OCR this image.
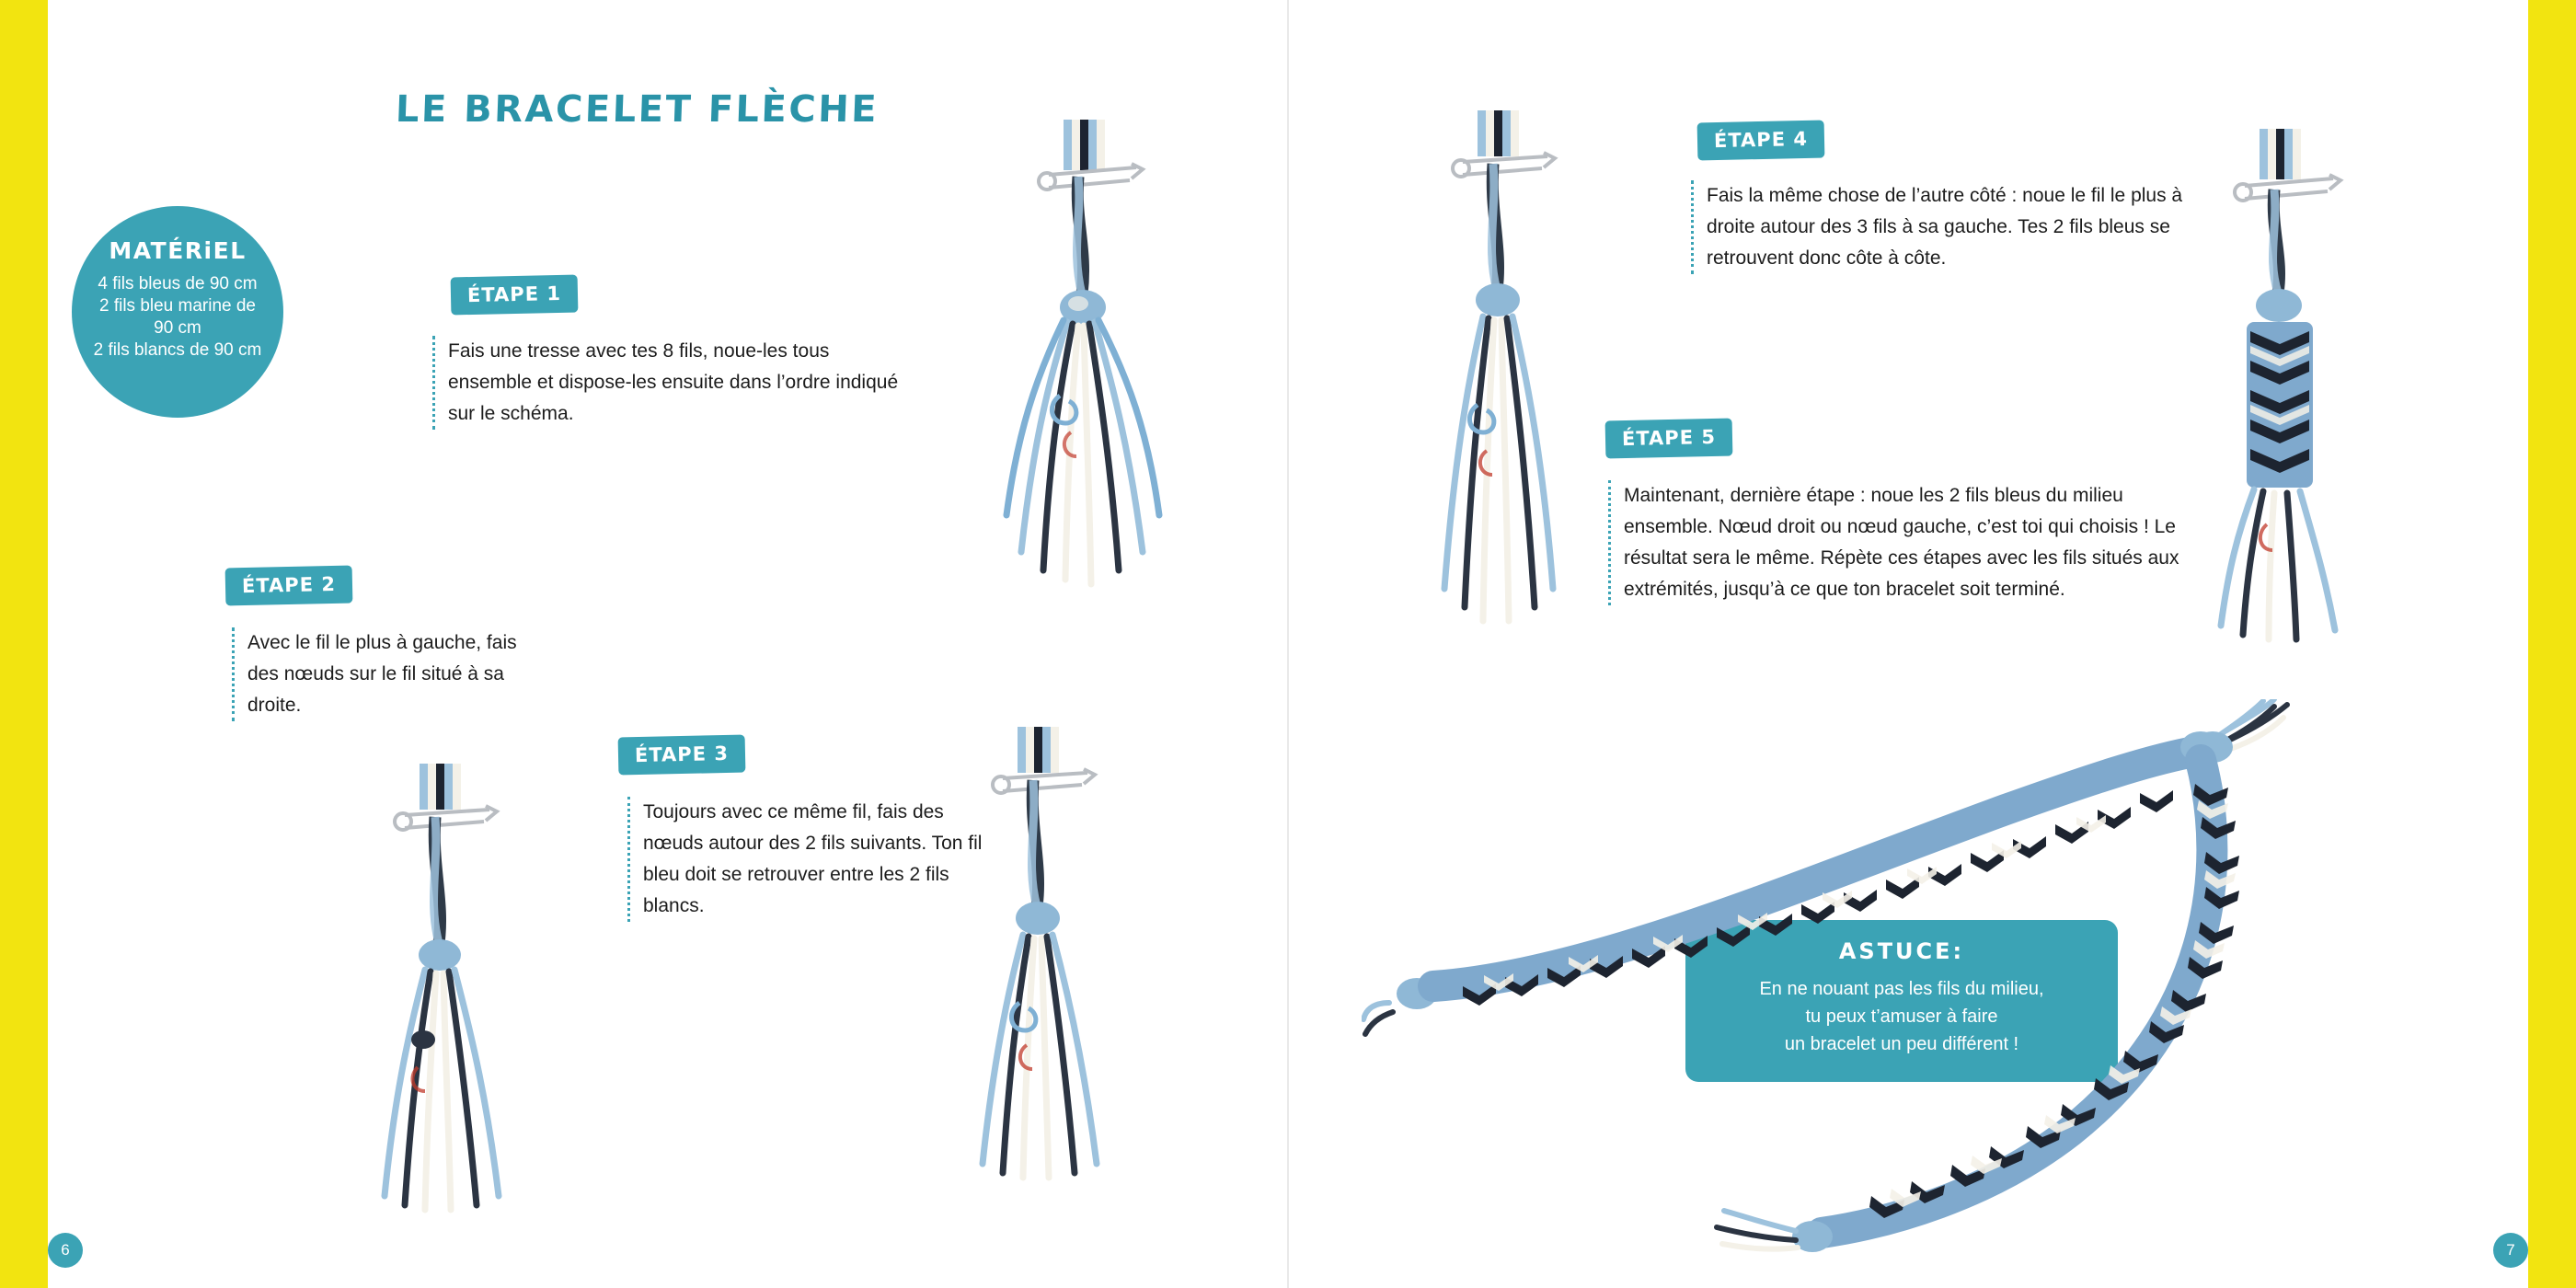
LE BRACELET FLÈCHE
MATÉRiEL
4 fils bleus de 90 cm
2 fils bleu marine de 90 cm
2 fils blancs de 90 cm
ÉTAPE 1

Fais une tresse avec tes 8 fils, noue-les tous ensemble et dispose-les ensuite dans l’ordre indiqué sur le schéma.

ÉTAPE 2

Avec le fil le plus à gauche, fais des nœuds sur le fil situé à sa droite.

ÉTAPE 3

Toujours avec ce même fil, fais des nœuds autour des 2 fils suivants. Ton fil bleu doit se retrouver entre les 2 fils blancs.

ÉTAPE 4

Fais la même chose de l’autre côté : noue le fil le plus à droite autour des 3 fils à sa gauche. Tes 2 fils bleus se retrouvent donc côte à côte.

ÉTAPE 5

Maintenant, dernière étape : noue les 2 fils bleus du milieu ensemble. Nœud droit ou nœud gauche, c’est toi qui choisis ! Le résultat sera le même. Répète ces étapes avec les fils situés aux extrémités, jusqu’à ce que ton bracelet soit terminé.

ASTUCE:
En ne nouant pas les fils du milieu,
tu peux t’amuser à faire
un bracelet un peu différent !
6	7
